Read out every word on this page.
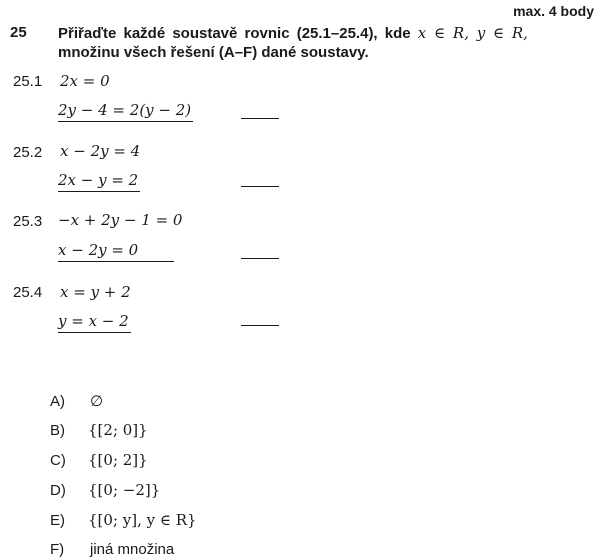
max. 4 body
25 Přiřaďte každé soustavě rovnic (25.1–25.4), kde x ∈ R, y ∈ R,
množinu všech řešení (A–F) dané soustavy.
25.1 2x = 0
2y − 4 = 2(y − 2)
25.2 x − 2y = 4
2x − y = 2
25.3 −x + 2y − 1 = 0
x − 2y = 0
25.4 x = y + 2
y = x − 2
A) ∅
B) {[2; 0]}
C) {[0; 2]}
D) {[0; −2]}
E) {[0; y], y ∈ R}
F) jiná množina
